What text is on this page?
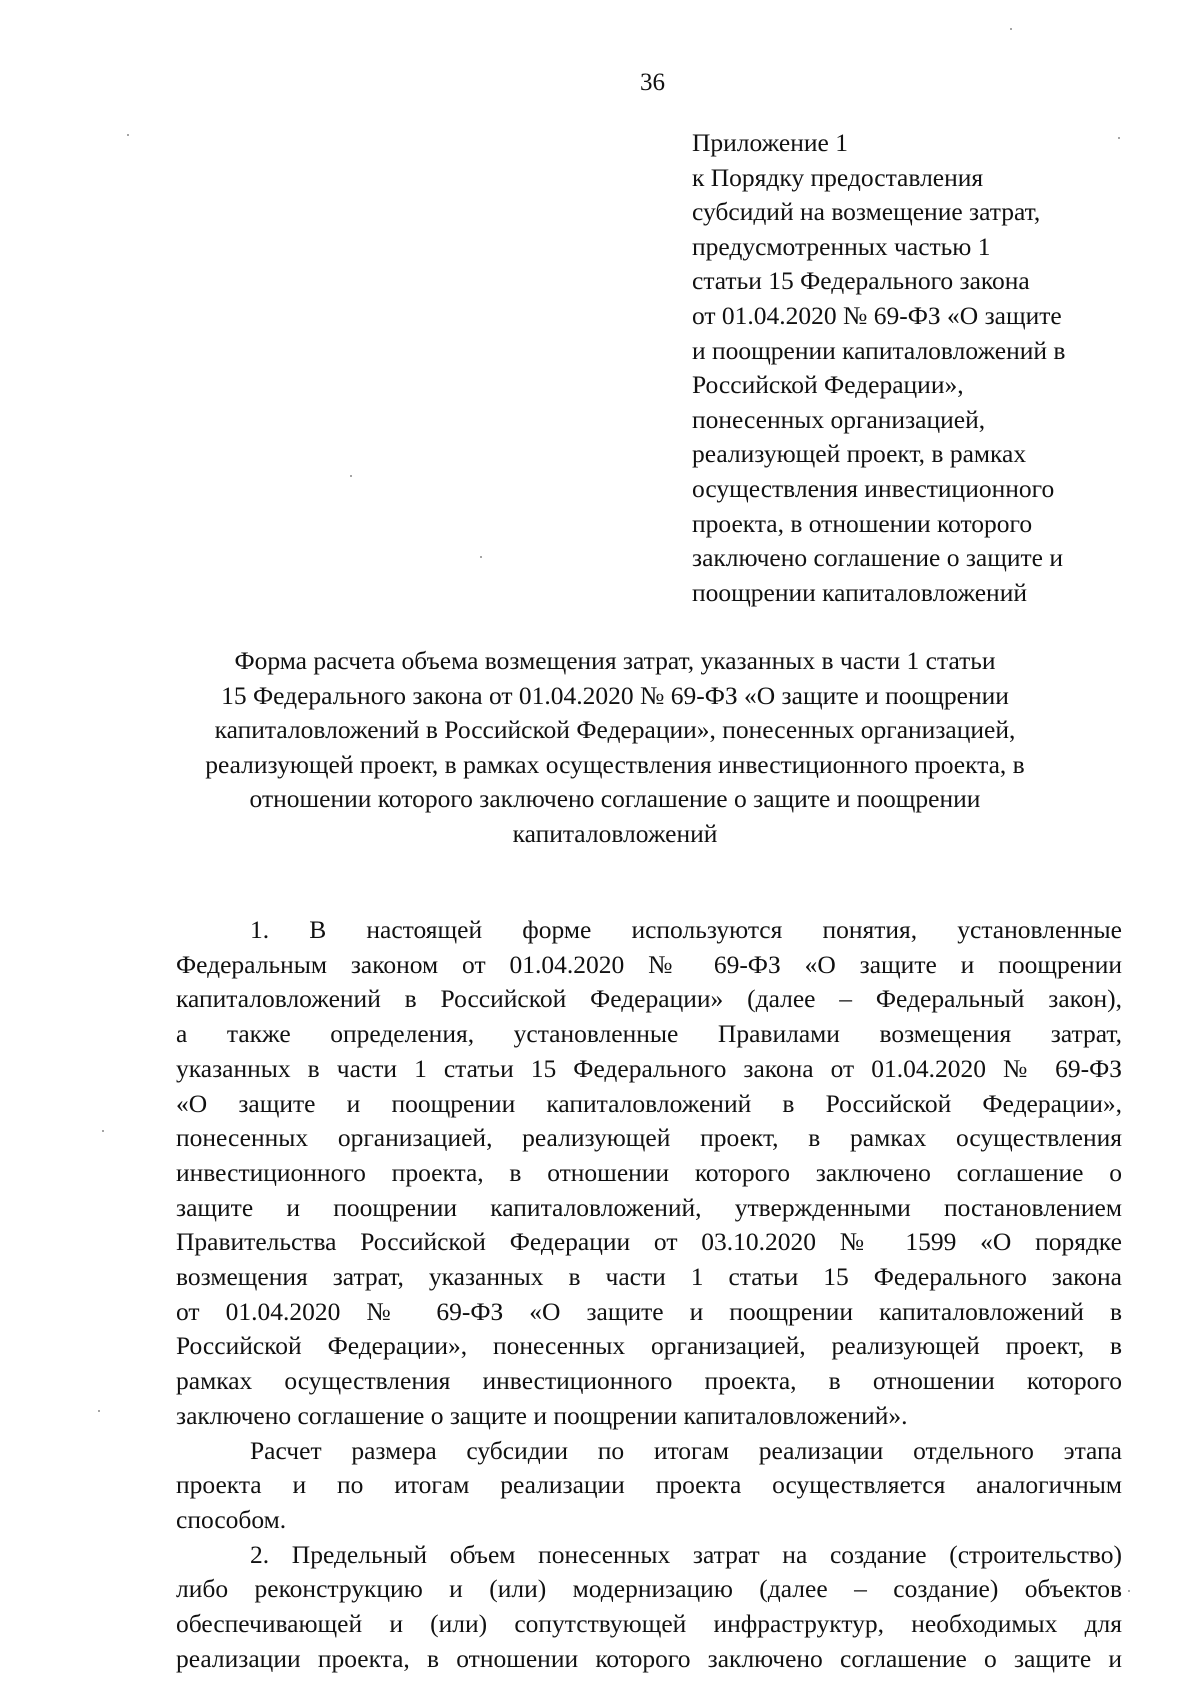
36
Приложение 1
к Порядку предоставления
субсидий на возмещение затрат,
предусмотренных частью 1
статьи 15 Федерального закона
от 01.04.2020 № 69-ФЗ «О защите
и поощрении капиталовложений в
Российской Федерации»,
понесенных организацией,
реализующей проект, в рамках
осуществления инвестиционного
проекта, в отношении которого
заключено соглашение о защите и
поощрении капиталовложений
Форма расчета объема возмещения затрат, указанных в части 1 статьи
15 Федерального закона от 01.04.2020 № 69-ФЗ «О защите и поощрении
капиталовложений в Российской Федерации», понесенных организацией,
реализующей проект, в рамках осуществления инвестиционного проекта, в
отношении которого заключено соглашение о защите и поощрении
капиталовложений
1. В настоящей форме используются понятия, установленные
Федеральным законом от 01.04.2020 № 69-ФЗ «О защите и поощрении
капиталовложений в Российской Федерации» (далее – Федеральный закон),
а также определения, установленные Правилами возмещения затрат,
указанных в части 1 статьи 15 Федерального закона от 01.04.2020 № 69-ФЗ
«О защите и поощрении капиталовложений в Российской Федерации»,
понесенных организацией, реализующей проект, в рамках осуществления
инвестиционного проекта, в отношении которого заключено соглашение о
защите и поощрении капиталовложений, утвержденными постановлением
Правительства Российской Федерации от 03.10.2020 № 1599 «О порядке
возмещения затрат, указанных в части 1 статьи 15 Федерального закона
от 01.04.2020 № 69-ФЗ «О защите и поощрении капиталовложений в
Российской Федерации», понесенных организацией, реализующей проект, в
рамках осуществления инвестиционного проекта, в отношении которого
заключено соглашение о защите и поощрении капиталовложений».
Расчет размера субсидии по итогам реализации отдельного этапа
проекта и по итогам реализации проекта осуществляется аналогичным
способом.
2. Предельный объем понесенных затрат на создание (строительство)
либо реконструкцию и (или) модернизацию (далее – создание) объектов
обеспечивающей и (или) сопутствующей инфраструктур, необходимых для
реализации проекта, в отношении которого заключено соглашение о защите и
